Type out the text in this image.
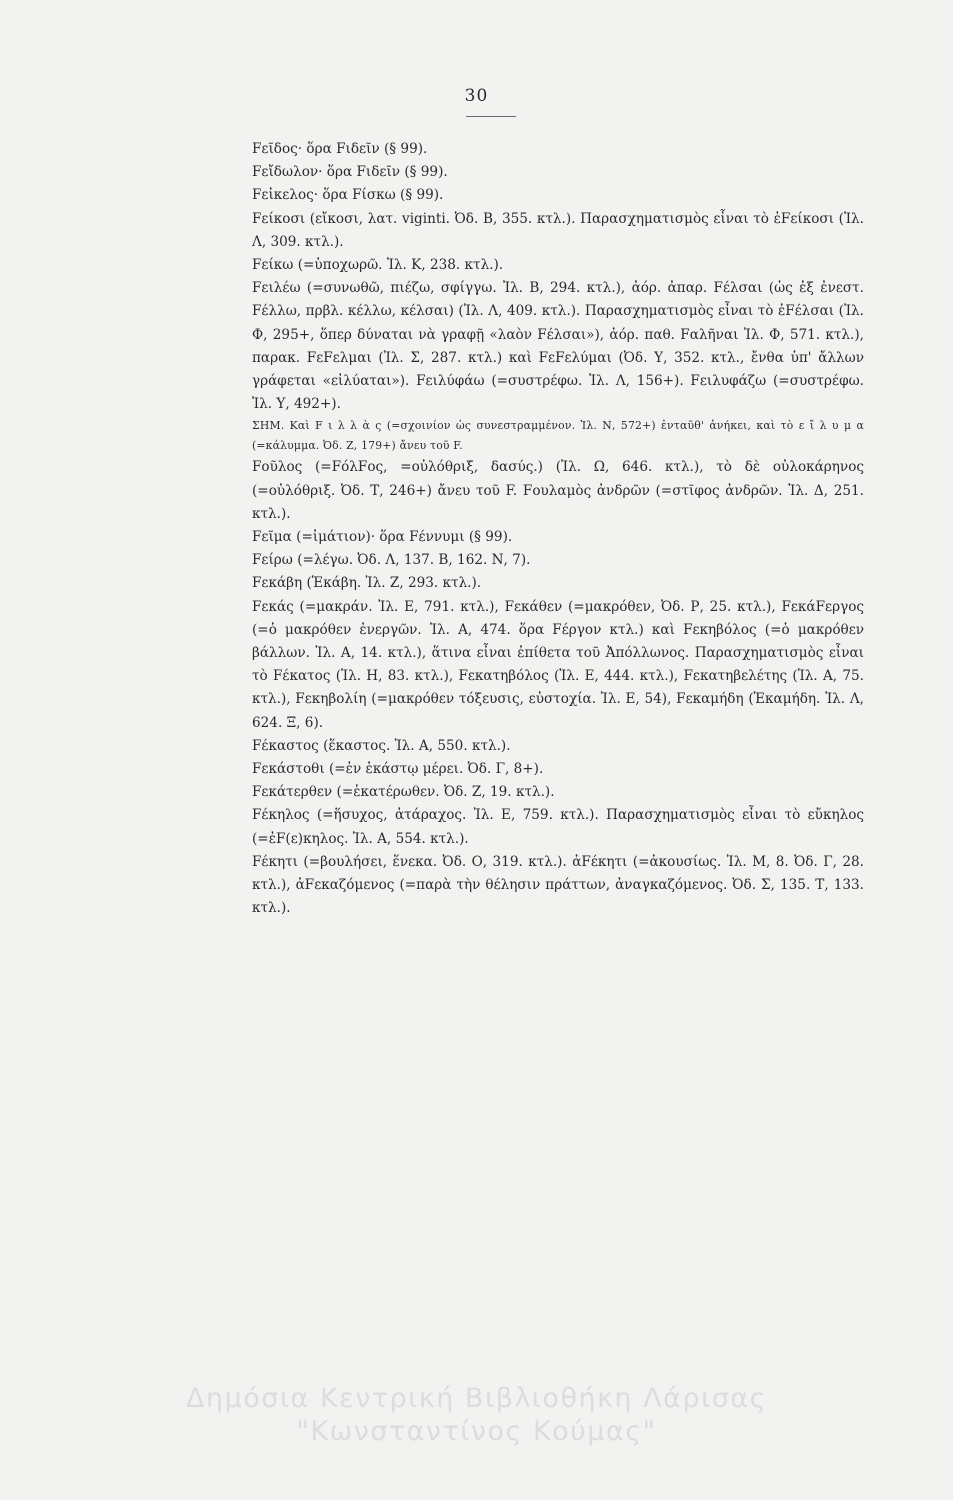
30

Fεῖδος· ὅρα Fιδεῖν (§ 99).

Fεἴδωλον· ὅρα Fιδεῖν (§ 99).

Fεἰκελος· ὅρα Fίσκω (§ 99).

Fείκοσι (εἴκοσι, λατ. viginti. Ὀδ. Β, 355. κτλ.). Παρασχηματισμὸς εἶναι τὸ ἐFείκοσι (Ἰλ. Λ, 309. κτλ.).

Fείκω (=ὑποχωρῶ. Ἰλ. Κ, 238. κτλ.).

Fειλέω (=συνωθῶ, πιέζω, σφίγγω. Ἰλ. Β, 294. κτλ.), ἀόρ. ἀπαρ. Fέλσαι (ὡς ἐξ ἐνεστ. Fέλλω, πρβλ. κέλλω, κέλσαι) (Ἰλ. Λ, 409. κτλ.). Παρασχηματισμὸς εἶναι τὸ ἐFέλσαι (Ἰλ. Φ, 295+, ὅπερ δύναται νὰ γραφῇ «λαὸν Fέλσαι»), ἀόρ. παθ. Fαλῆναι Ἰλ. Φ, 571. κτλ.), παρακ. FεFελμαι (Ἰλ. Σ, 287. κτλ.) καὶ FεFελύμαι (Ὀδ. Υ, 352. κτλ., ἔνθα ὑπ' ἄλλων γράφεται «εἰλύαται»). Fειλύφάω (=συστρέφω. Ἰλ. Λ, 156+). Fειλυφάζω (=συστρέφω. Ἰλ. Υ, 492+).

ΣΗΜ. Καὶ F ι λ λ ὰ ς (=σχοινίον ὡς συνεστραμμένον. Ἰλ. Ν, 572+) ἐνταῦθ' ἀνήκει, καὶ τὸ ε ἴ λ υ μ α (=κάλυμμα. Ὀδ. Ζ, 179+) ἄνευ τοῦ F.

Fοῦλος (=FόλFος, =οὐλόθριξ, δασύς.) (Ἰλ. Ω, 646. κτλ.), τὸ δὲ οὐλοκάρηνος (=οὐλόθριξ. Ὀδ. Τ, 246+) ἄνευ τοῦ F. Fουλαμὸς ἀνδρῶν (=στῖφος ἀνδρῶν. Ἰλ. Δ, 251. κτλ.).

Fεῖμα (=ἱμάτιον)· ὅρα Fέννυμι (§ 99).

Fείρω (=λέγω. Ὀδ. Λ, 137. Β, 162. Ν, 7).

Fεκάβη (Ἑκάβη. Ἰλ. Ζ, 293. κτλ.).

Fεκάς (=μακράν. Ἰλ. Ε, 791. κτλ.), Fεκάθεν (=μακρόθεν, Ὀδ. Ρ, 25. κτλ.), FεκάFεργος (=ὁ μακρόθεν ἐνεργῶν. Ἰλ. Α, 474. ὅρα Fέργον κτλ.) καὶ Fεκηβόλος (=ὁ μακρόθεν βάλλων. Ἰλ. Α, 14. κτλ.), ἅτινα εἶναι ἐπίθετα τοῦ Ἀπόλλωνος. Παρασχηματισμὸς εἶναι τὸ Fέκατος (Ἰλ. Η, 83. κτλ.), Fεκατηβόλος (Ἰλ. Ε, 444. κτλ.), Fεκατηβελέτης (Ἰλ. Α, 75. κτλ.), Fεκηβολίη (=μακρόθεν τόξευσις, εὐστοχία. Ἰλ. Ε, 54), Fεκαμήδη (Ἑκαμήδη. Ἰλ. Λ, 624. Ξ, 6).

Fέκαστος (ἕκαστος. Ἰλ. Α, 550. κτλ.).

Fεκάστοθι (=ἐν ἑκάστῳ μέρει. Ὀδ. Γ, 8+).

Fεκάτερθεν (=ἑκατέρωθεν. Ὀδ. Ζ, 19. κτλ.).

Fέκηλος (=ἥσυχος, ἀτάραχος. Ἰλ. Ε, 759. κτλ.). Παρασχηματισμὸς εἶναι τὸ εὔκηλος (=ἐF(ε)κηλος. Ἰλ. Α, 554. κτλ.).

Fέκητι (=βουλήσει, ἕνεκα. Ὀδ. Ο, 319. κτλ.). ἀFέκητι (=ἀκουσίως. Ἰλ. Μ, 8. Ὀδ. Γ, 28. κτλ.), ἀFεκαζόμενος (=παρὰ τὴν θέλησιν πράττων, ἀναγκαζόμενος. Ὀδ. Σ, 135. Τ, 133. κτλ.).

Δημόσια Κεντρική Βιβλιοθήκη Λάρισας
"Κωνσταντίνος Κούμας"
